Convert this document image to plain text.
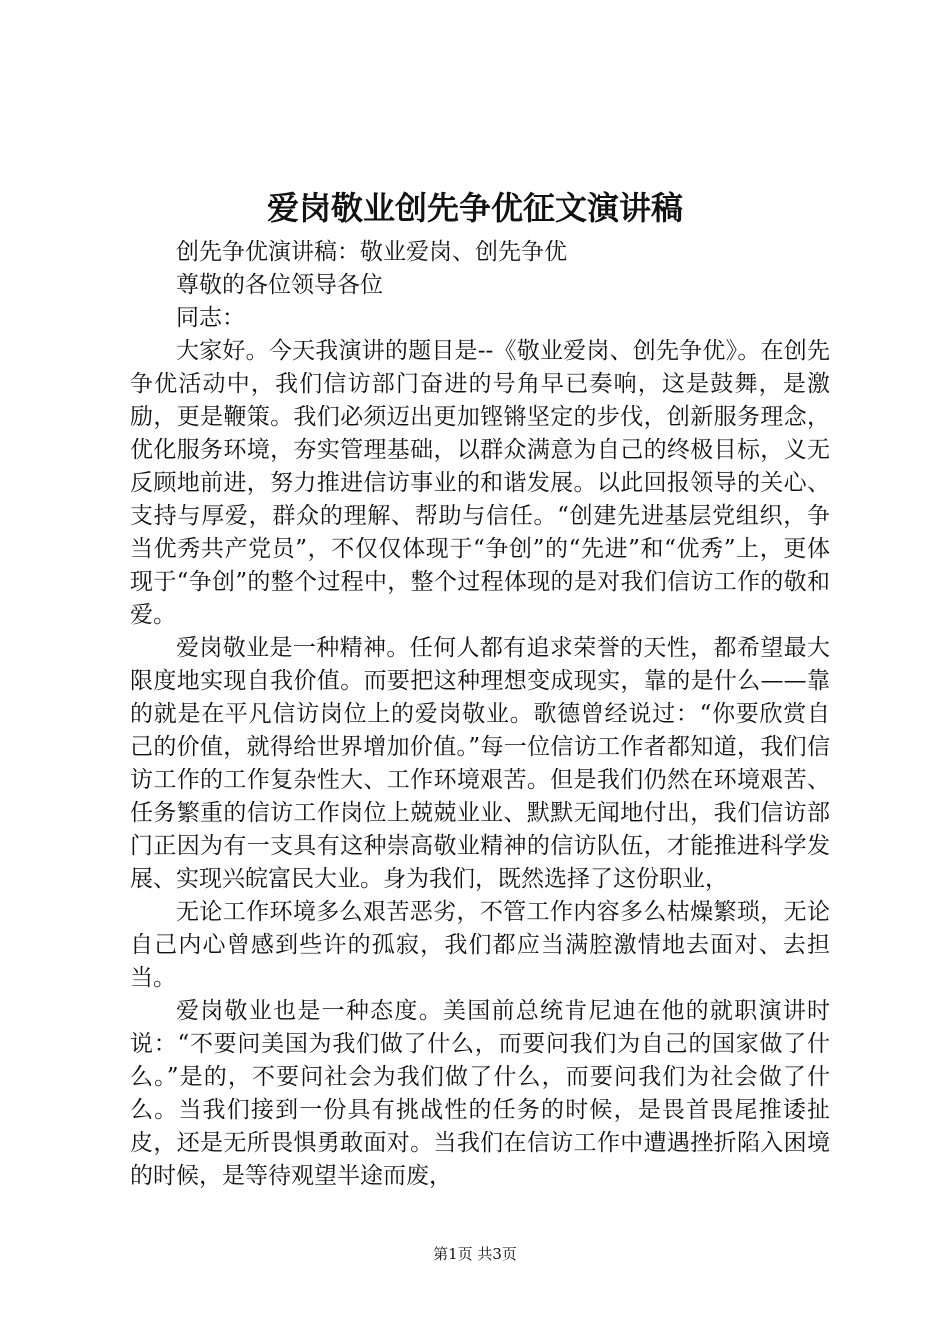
爱岗敬业创先争优征文演讲稿

创先争优演讲稿：敬业爱岗、创先争优

尊敬的各位领导各位

同志：

大家好。今天我演讲的题目是--《敬业爱岗、创先争优》。在创先争优活动中，我们信访部门奋进的号角早已奏响，这是鼓舞，是激励，更是鞭策。我们必须迈出更加铿锵坚定的步伐，创新服务理念，优化服务环境，夯实管理基础，以群众满意为自己的终极目标，义无反顾地前进，努力推进信访事业的和谐发展。以此回报领导的关心、支持与厚爱，群众的理解、帮助与信任。“创建先进基层党组织，争当优秀共产党员”，不仅仅体现于“争创”的“先进”和“优秀”上，更体现于“争创”的整个过程中，整个过程体现的是对我们信访工作的敬和爱。

爱岗敬业是一种精神。任何人都有追求荣誉的天性，都希望最大限度地实现自我价值。而要把这种理想变成现实，靠的是什么——靠的就是在平凡信访岗位上的爱岗敬业。歌德曾经说过：“你要欣赏自己的价值，就得给世界增加价值。”每一位信访工作者都知道，我们信访工作的工作复杂性大、工作环境艰苦。但是我们仍然在环境艰苦、任务繁重的信访工作岗位上兢兢业业、默默无闻地付出，我们信访部门正因为有一支具有这种崇高敬业精神的信访队伍，才能推进科学发展、实现兴皖富民大业。身为我们，既然选择了这份职业，

无论工作环境多么艰苦恶劣，不管工作内容多么枯燥繁琐，无论自己内心曾感到些许的孤寂，我们都应当满腔激情地去面对、去担当。

爱岗敬业也是一种态度。美国前总统肯尼迪在他的就职演讲时说：“不要问美国为我们做了什么，而要问我们为自己的国家做了什么。”是的，不要问社会为我们做了什么，而要问我们为社会做了什么。当我们接到一份具有挑战性的任务的时候，是畏首畏尾推诿扯皮，还是无所畏惧勇敢面对。当我们在信访工作中遭遇挫折陷入困境的时候，是等待观望半途而废，

第1页 共3页
